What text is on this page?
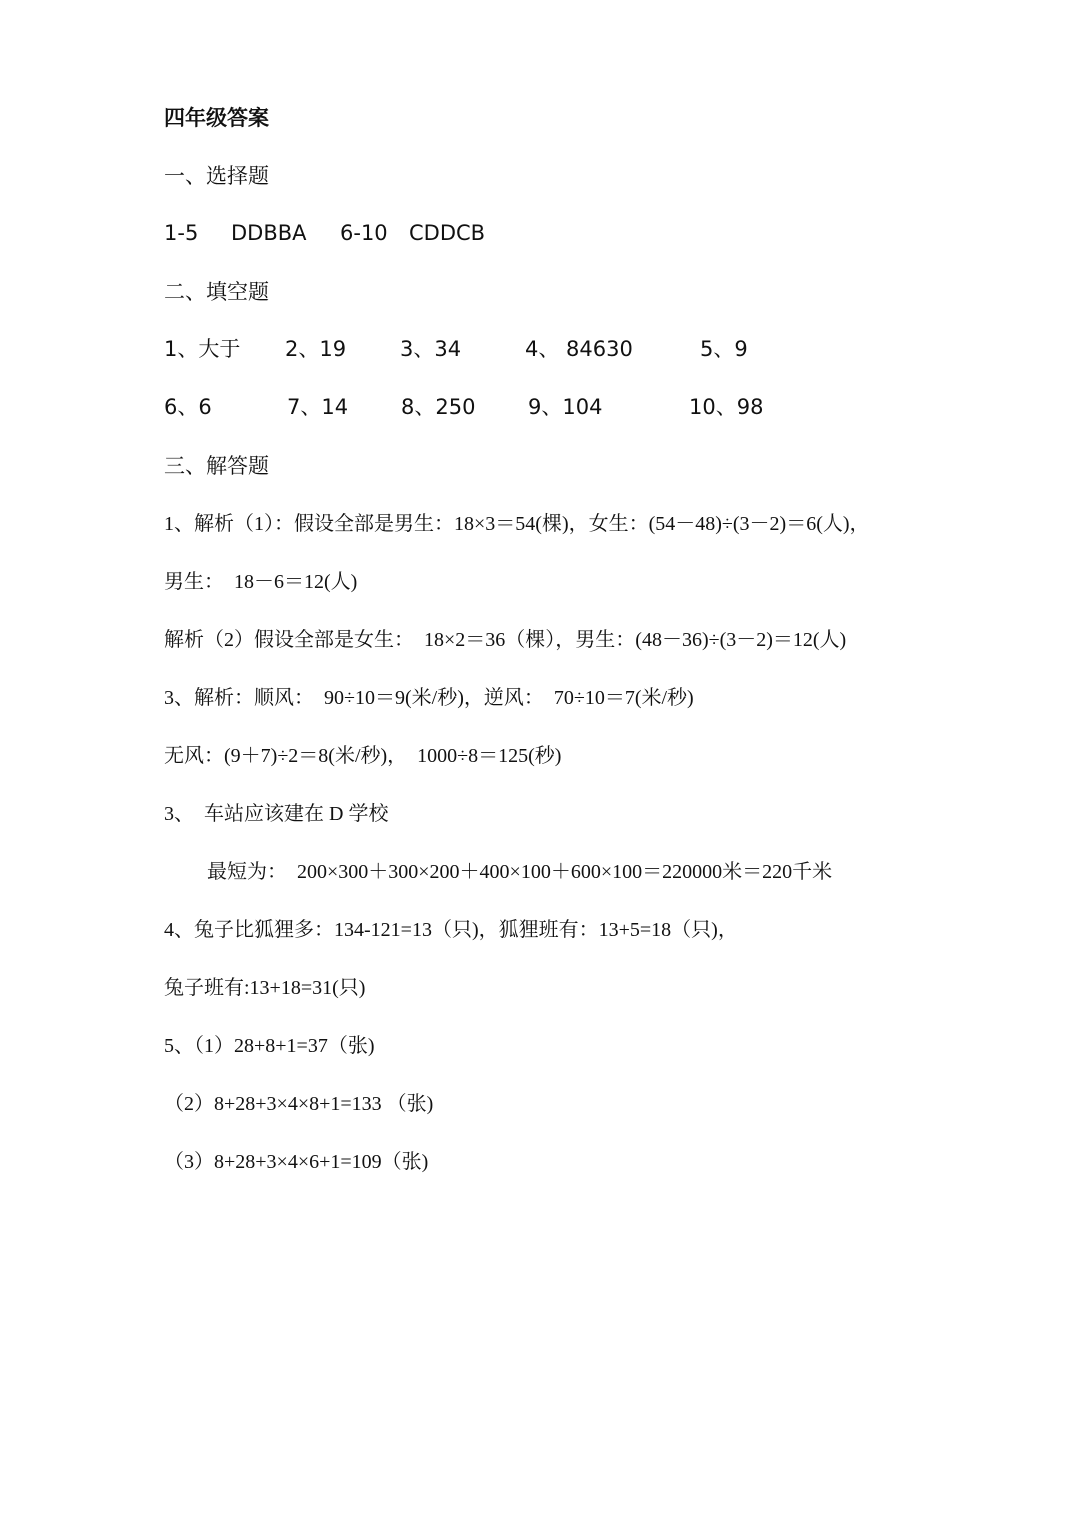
四年级答案
一、选择题
1-5 DDBBA 6-10 CDDCB
二、填空题
1、大于 2、19	3、34	4、 84630	5、9
6、6	7、14	8、250	9、104	10、98
三、解答题
1、解析（1）：假设全部是男生：18×3＝54(棵)，女生：(54－48)÷(3－2)＝6(人)，
男生：  18－6＝12(人)
解析（2）假设全部是女生：  18×2＝36（棵），男生：(48－36)÷(3－2)＝12(人)
3、解析：顺风：  90÷10＝9(米/秒)，逆风：  70÷10＝7(米/秒)
无风：(9＋7)÷2＝8(米/秒)，  1000÷8＝125(秒)
3、  车站应该建在 D 学校
最短为：  200×300＋300×200＋400×100＋600×100＝220000米＝220千米
4、兔子比狐狸多：134-121=13（只)，狐狸班有：13+5=18（只)，
兔子班有:13+18=31(只)
5、（1）28+8+1=37（张)
（2）8+28+3×4×8+1=133 （张)
（3）8+28+3×4×6+1=109（张)
